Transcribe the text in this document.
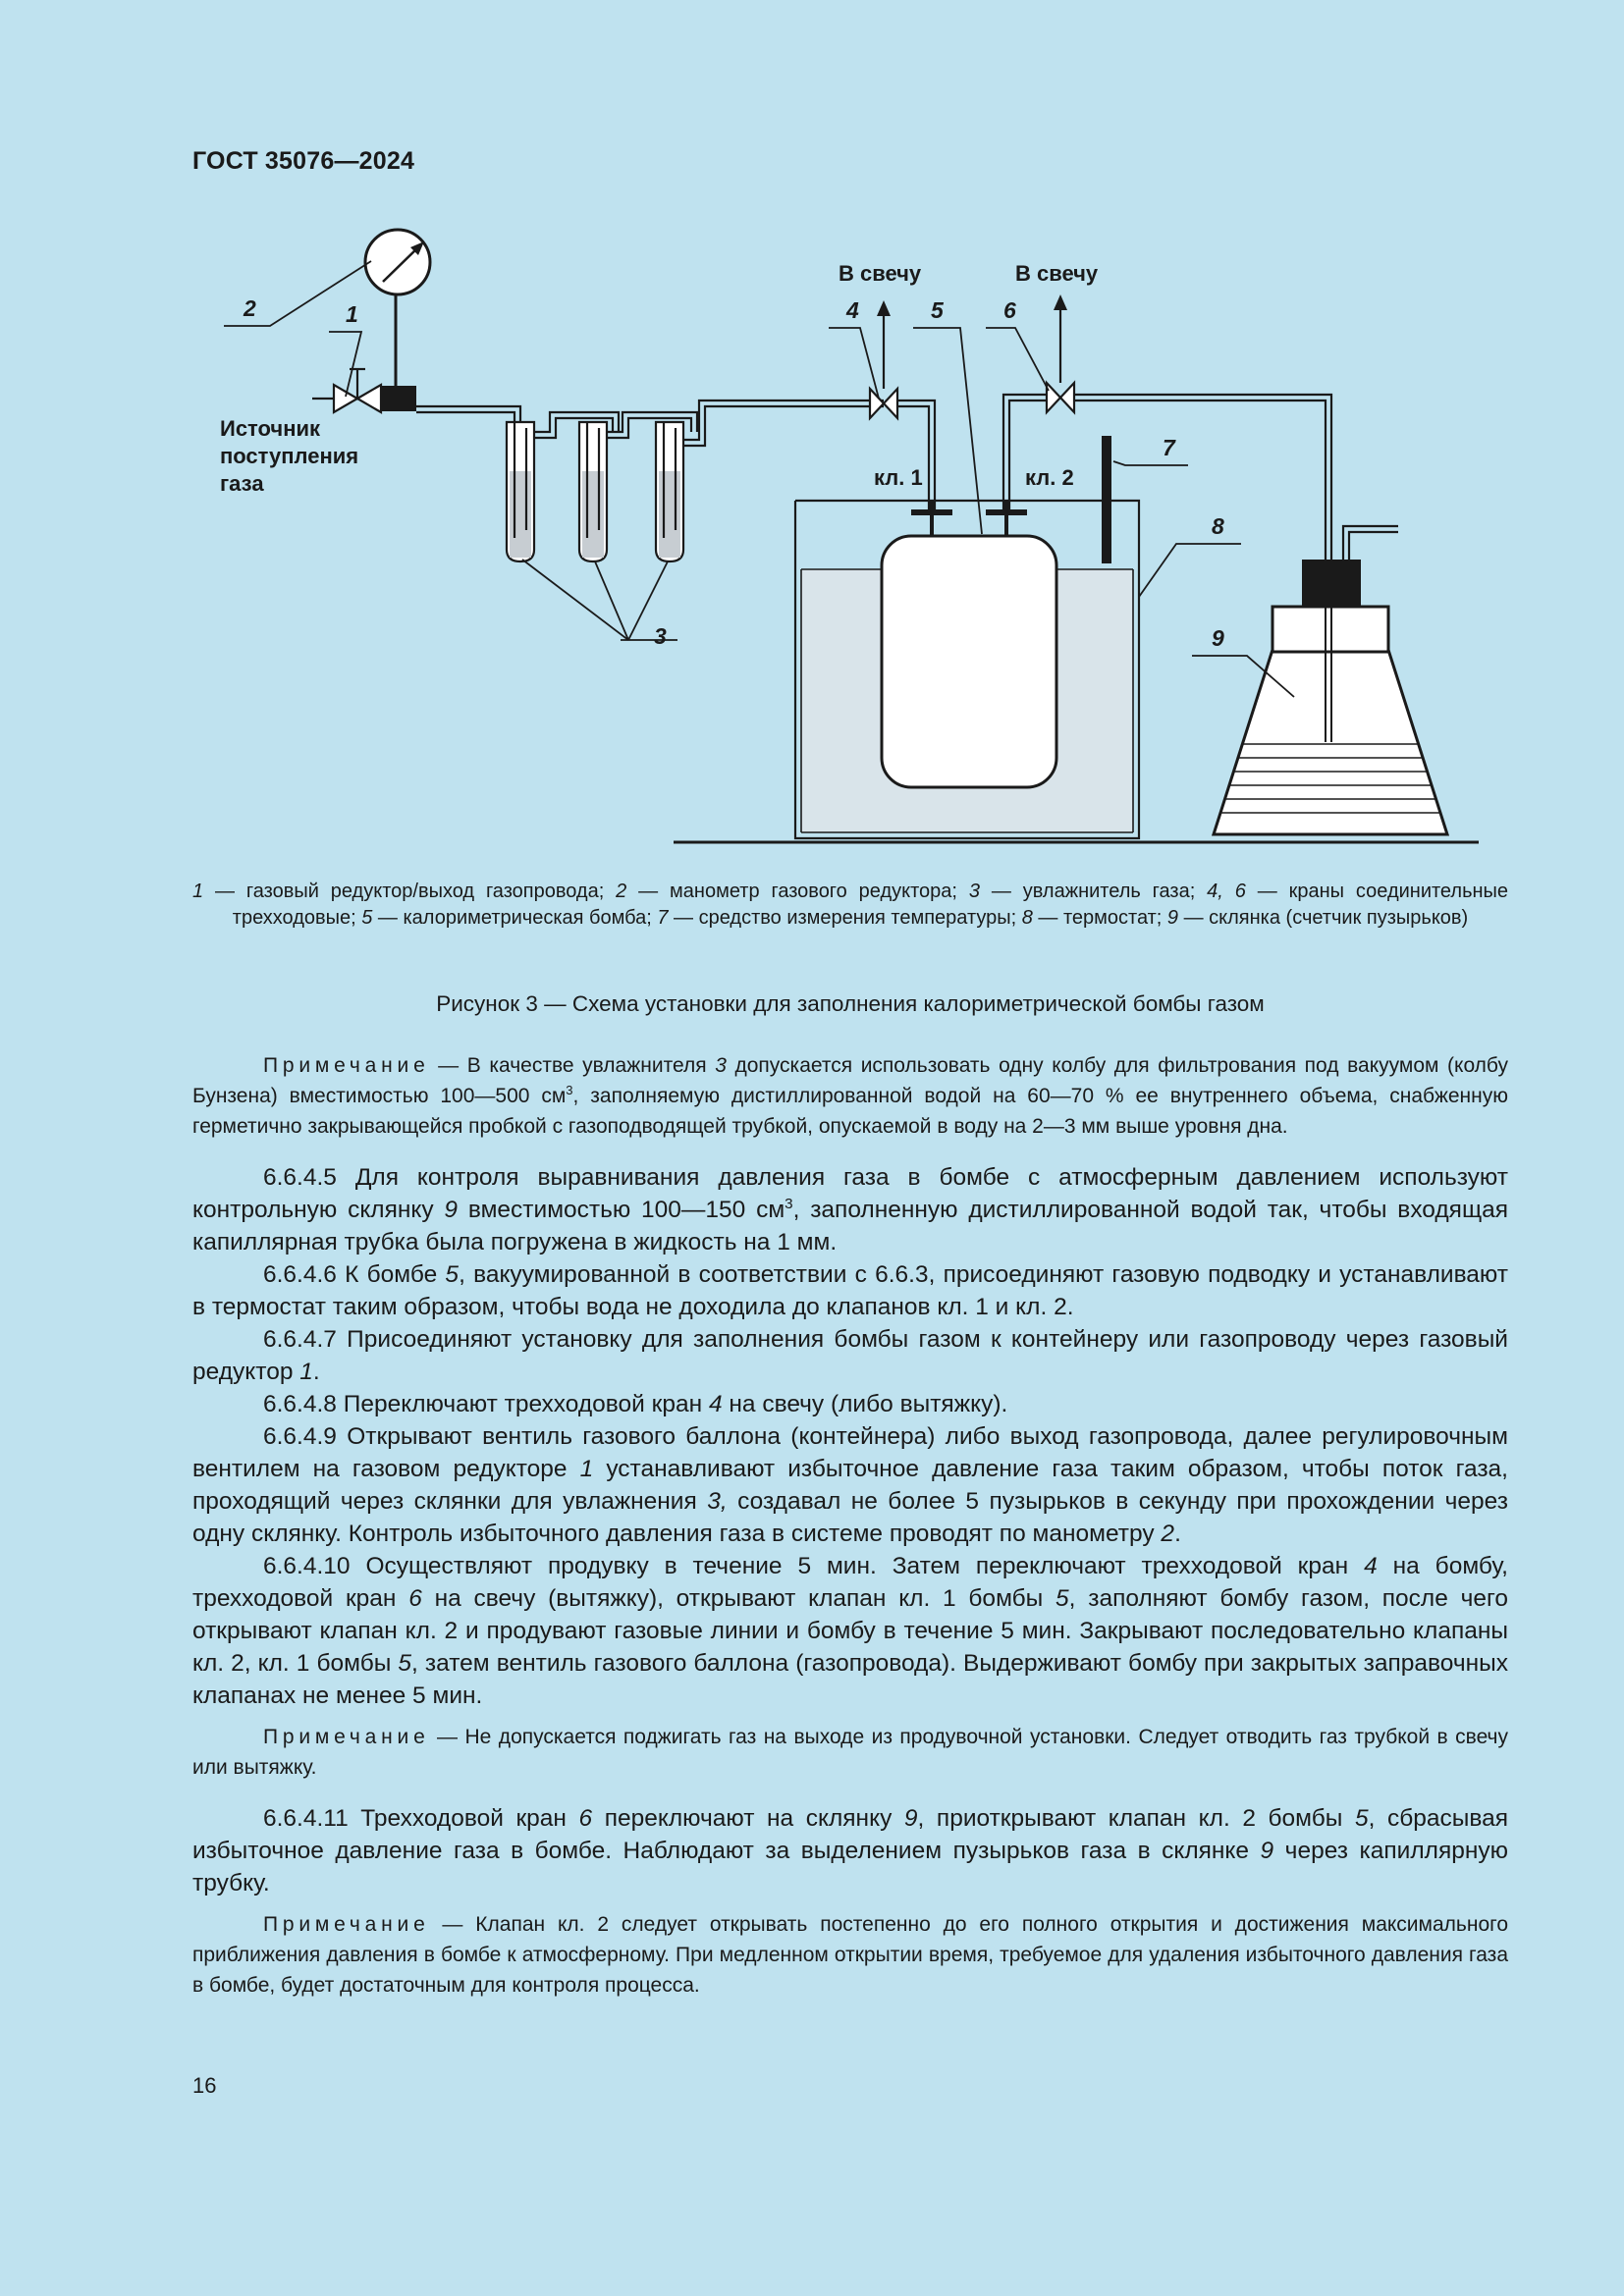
ГОСТ 35076—2024
В свечу	В свечу
Источник
поступления
газа	кл. 1	кл. 2
2	1
3
4	5	6
7
8
9
1 — газовый редуктор/выход газопровода; 2 — манометр газового редуктора; 3 — увлажнитель газа; 4, 6 — краны соединительные трехходовые; 5 — калориметрическая бомба; 7 — средство измерения температуры; 8 — термостат; 9 — склянка (счетчик пузырьков)
Рисунок 3 — Схема установки для заполнения калориметрической бомбы газом

Примечание — В качестве увлажнителя 3 допускается использовать одну колбу для фильтрования под вакуумом (колбу Бунзена) вместимостью 100—500 $см^3$, заполняемую дистиллированной водой на 60—70 % ее внутреннего объема, снабженную герметично закрывающейся пробкой с газоподводящей трубкой, опускаемой в воду на 2—3 мм выше уровня дна.

6.6.4.5 Для контроля выравнивания давления газа в бомбе с атмосферным давлением используют контрольную склянку 9 вместимостью 100—150 $см^3$, заполненную дистиллированной водой так, чтобы входящая капиллярная трубка была погружена в жидкость на 1 мм.

6.6.4.6 К бомбе 5, вакуумированной в соответствии с 6.6.3, присоединяют газовую подводку и устанавливают в термостат таким образом, чтобы вода не доходила до клапанов кл. 1 и кл. 2.

6.6.4.7 Присоединяют установку для заполнения бомбы газом к контейнеру или газопроводу через газовый редуктор 1.

6.6.4.8 Переключают трехходовой кран 4 на свечу (либо вытяжку).

6.6.4.9 Открывают вентиль газового баллона (контейнера) либо выход газопровода, далее регулировочным вентилем на газовом редукторе 1 устанавливают избыточное давление газа таким образом, чтобы поток газа, проходящий через склянки для увлажнения 3, создавал не более 5 пузырьков в секунду при прохождении через одну склянку. Контроль избыточного давления газа в системе проводят по манометру 2.

6.6.4.10 Осуществляют продувку в течение 5 мин. Затем переключают трехходовой кран 4 на бомбу, трехходовой кран 6 на свечу (вытяжку), открывают клапан кл. 1 бомбы 5, заполняют бомбу газом, после чего открывают клапан кл. 2 и продувают газовые линии и бомбу в течение 5 мин. Закрывают последовательно клапаны кл. 2, кл. 1 бомбы 5, затем вентиль газового баллона (газопровода). Выдерживают бомбу при закрытых заправочных клапанах не менее 5 мин.

Примечание — Не допускается поджигать газ на выходе из продувочной установки. Следует отводить газ трубкой в свечу или вытяжку.

6.6.4.11 Трехходовой кран 6 переключают на склянку 9, приоткрывают клапан кл. 2 бомбы 5, сбрасывая избыточное давление газа в бомбе. Наблюдают за выделением пузырьков газа в склянке 9 через капиллярную трубку.

Примечание — Клапан кл. 2 следует открывать постепенно до его полного открытия и достижения максимального приближения давления в бомбе к атмосферному. При медленном открытии время, требуемое для удаления избыточного давления газа в бомбе, будет достаточным для контроля процесса.

16
